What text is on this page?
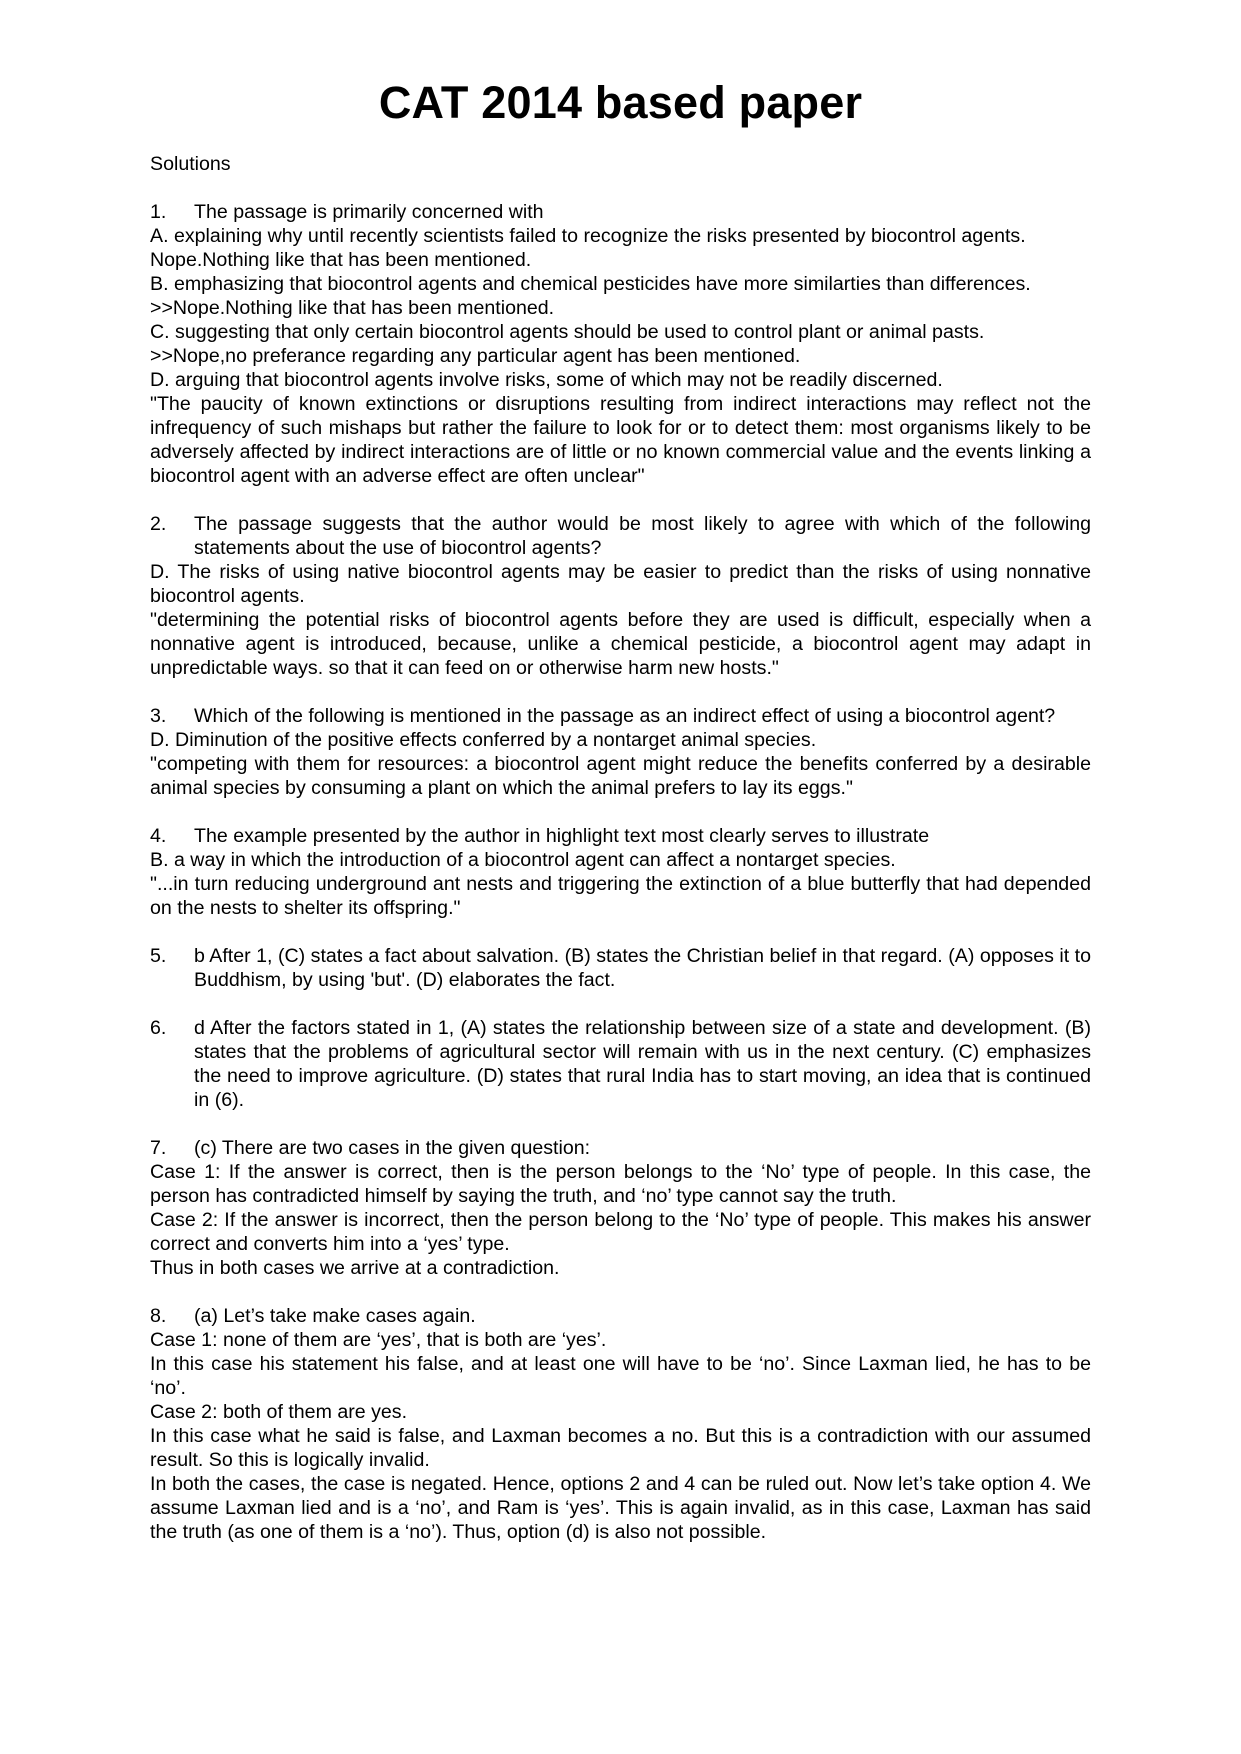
CAT 2014 based paper
Solutions
1.	The passage is primarily concerned with
A. explaining why until recently scientists failed to recognize the risks presented by biocontrol agents.
Nope.Nothing like that has been mentioned.
B. emphasizing that biocontrol agents and chemical pesticides have more similarties than differences.
>>Nope.Nothing like that has been mentioned.
C. suggesting that only certain biocontrol agents should be used to control plant or animal pasts.
>>Nope,no preferance regarding any particular agent has been mentioned.
D. arguing that biocontrol agents involve risks, some of which may not be readily discerned.
"The paucity of known extinctions or disruptions resulting from indirect interactions may reflect not the infrequency of such mishaps but rather the failure to look for or to detect them: most organisms likely to be adversely affected by indirect interactions are of little or no known commercial value and the events linking a biocontrol agent with an adverse effect are often unclear"
2.	The passage suggests that the author would be most likely to agree with which of the following statements about the use of biocontrol agents?
D. The risks of using native biocontrol agents may be easier to predict than the risks of using nonnative biocontrol agents.
"determining the potential risks of biocontrol agents before they are used is difficult, especially when a nonnative agent is introduced, because, unlike a chemical pesticide, a biocontrol agent may adapt in unpredictable ways. so that it can feed on or otherwise harm new hosts."
3.	Which of the following is mentioned in the passage as an indirect effect of using a biocontrol agent?
D. Diminution of the positive effects conferred by a nontarget animal species.
"competing with them for resources: a biocontrol agent might reduce the benefits conferred by a desirable animal species by consuming a plant on which the animal prefers to lay its eggs."
4.	The example presented by the author in highlight text most clearly serves to illustrate
B. a way in which the introduction of a biocontrol agent can affect a nontarget species.
"...in turn reducing underground ant nests and triggering the extinction of a blue butterfly that had depended on the nests to shelter its offspring."
5.	b After 1, (C) states a fact about salvation. (B) states the Christian belief in that regard. (A) opposes it to Buddhism, by using 'but'. (D) elaborates the fact.
6.	d After the factors stated in 1, (A) states the relationship between size of a state and development. (B) states that the problems of agricultural sector will remain with us in the next century. (C) emphasizes the need to improve agriculture. (D) states that rural India has to start moving, an idea that is continued in (6).
7.	(c) There are two cases in the given question:
Case 1: If the answer is correct, then is the person belongs to the ‘No’ type of people. In this case, the person has contradicted himself by saying the truth, and ‘no’ type cannot say the truth.
Case 2: If the answer is incorrect, then the person belong to the ‘No’ type of people. This makes his answer correct and converts him into a ‘yes’ type.
Thus in both cases we arrive at a contradiction.
8.	(a) Let’s take make cases again.
Case 1: none of them are ‘yes’, that is both are ‘yes’.
In this case his statement his false, and at least one will have to be ‘no’. Since Laxman lied, he has to be ‘no’.
Case 2: both of them are yes.
In this case what he said is false, and Laxman becomes a no. But this is a contradiction with our assumed result. So this is logically invalid.
In both the cases, the case is negated. Hence, options 2 and 4 can be ruled out. Now let’s take option 4. We assume Laxman lied and is a ‘no’, and Ram is ‘yes’. This is again invalid, as in this case, Laxman has said the truth (as one of them is a ‘no’). Thus, option (d) is also not possible.
